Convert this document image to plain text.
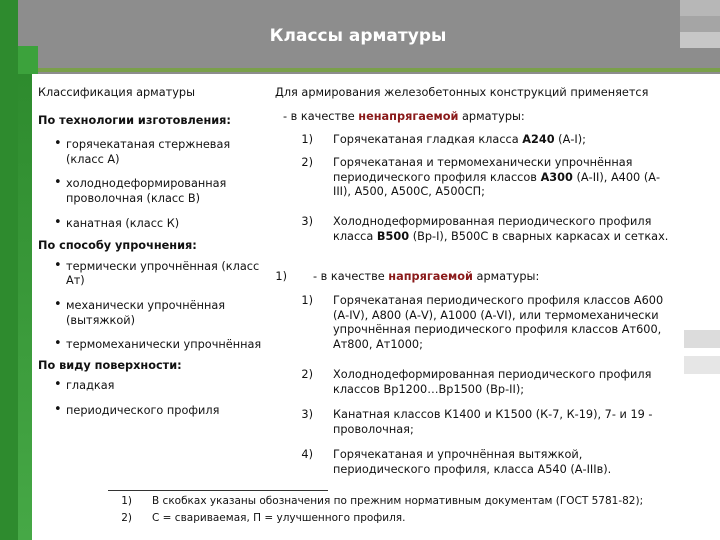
Классы арматуры
Классификация арматуры
По технологии изготовления:
• горячекатаная стержневая (класс А)
• холоднодеформированная проволочная (класс В)
• канатная (класс К)
По способу упрочнения:
• термически упрочнённая (класс Ат)
• механически упрочнённая (вытяжкой)
• термомеханически упрочнённая
По виду поверхности:
• гладкая
• периодического профиля
Для армирования железобетонных конструкций применяется
- в качестве ненапрягаемой арматуры:
1) Горячекатаная гладкая класса А240 (А-I);
2) Горячекатаная и термомеханически упрочнённая периодического профиля классов А300 (А-II), А400 (А-III), А500, А500С, А500СП;
3) Холоднодеформированная периодического профиля класса В500 (Вр-I), В500С в сварных каркасах и сетках.
1) - в качестве напрягаемой арматуры:
1) Горячекатаная периодического профиля классов А600 (А-IV), А800 (А-V), А1000 (А-VI), или термомеханически упрочнённая периодического профиля классов Ат600, Ат800, Ат1000;
2) Холоднодеформированная периодического профиля классов Вр1200…Вр1500 (Вр-II);
3) Канатная классов К1400 и К1500 (К-7, К-19), 7- и 19 - проволочная;
4) Горячекатаная и упрочнённая вытяжкой, периодического профиля, класса А540 (А-IIIв).
1) В скобках указаны обозначения по прежним нормативным документам (ГОСТ 5781-82);
2) С = свариваемая, П = улучшенного профиля.
